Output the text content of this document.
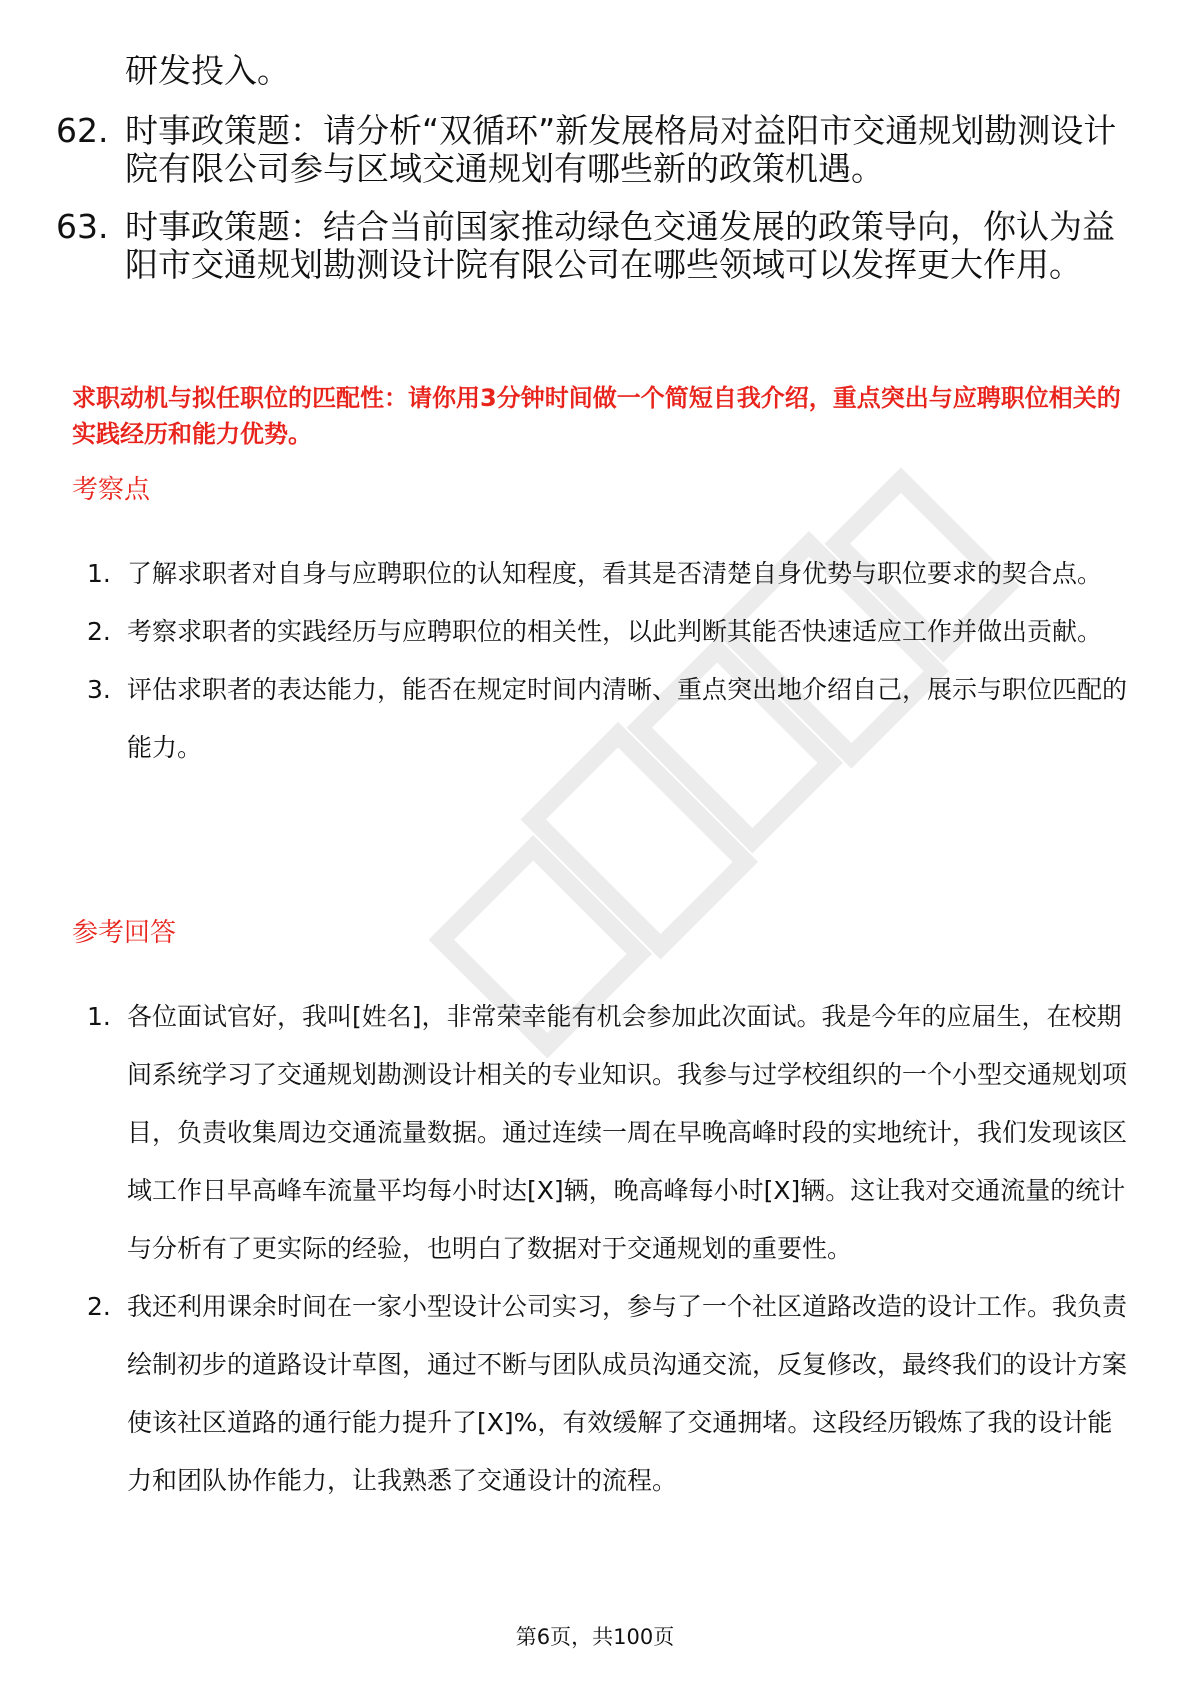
研发投入。

62. 时事政策题：请分析“双循环”新发展格局对益阳市交通规划勘测设计院有限公司参与区域交通规划有哪些新的政策机遇。
63. 时事政策题：结合当前国家推动绿色交通发展的政策导向，你认为益阳市交通规划勘测设计院有限公司在哪些领域可以发挥更大作用。

求职动机与拟任职位的匹配性：请你用3分钟时间做一个简短自我介绍，重点突出与应聘职位相关的实践经历和能力优势。

考察点
1. 了解求职者对自身与应聘职位的认知程度，看其是否清楚自身优势与职位要求的契合点。
2. 考察求职者的实践经历与应聘职位的相关性，以此判断其能否快速适应工作并做出贡献。
3. 评估求职者的表达能力，能否在规定时间内清晰、重点突出地介绍自己，展示与职位匹配的能力。
参考回答
1. 各位面试官好，我叫[姓名]，非常荣幸能有机会参加此次面试。我是今年的应届生，在校期间系统学习了交通规划勘测设计相关的专业知识。我参与过学校组织的一个小型交通规划项目，负责收集周边交通流量数据。通过连续一周在早晚高峰时段的实地统计，我们发现该区域工作日早高峰车流量平均每小时达[X]辆，晚高峰每小时[X]辆。这让我对交通流量的统计与分析有了更实际的经验，也明白了数据对于交通规划的重要性。
2. 我还利用课余时间在一家小型设计公司实习，参与了一个社区道路改造的设计工作。我负责绘制初步的道路设计草图，通过不断与团队成员沟通交流，反复修改，最终我们的设计方案使该社区道路的通行能力提升了[X]%，有效缓解了交通拥堵。这段经历锻炼了我的设计能力和团队协作能力，让我熟悉了交通设计的流程。

第6页，共100页
